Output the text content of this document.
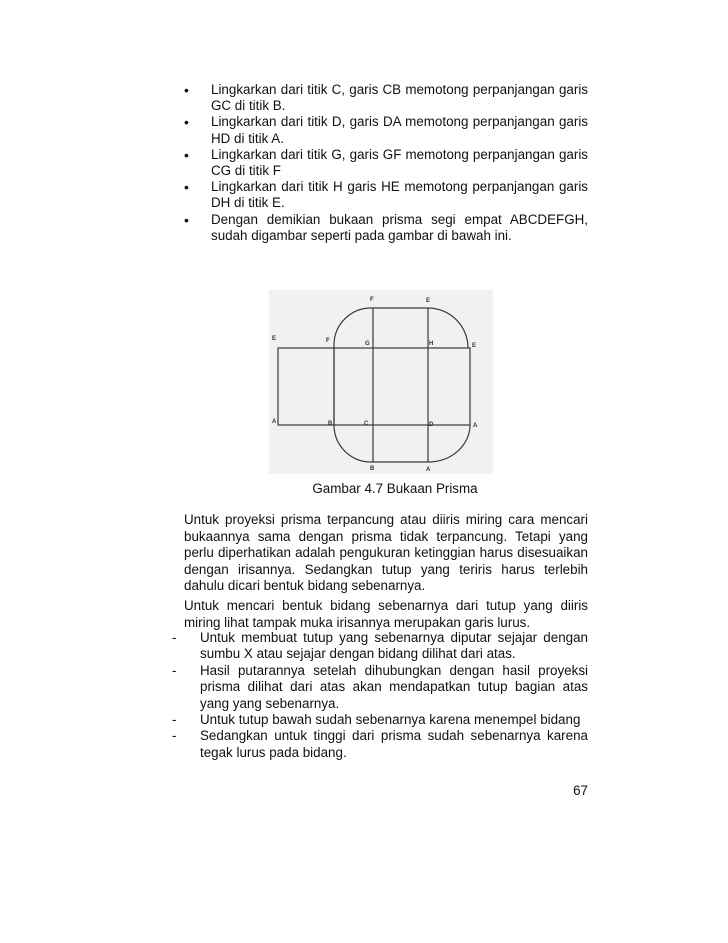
• Lingkarkan dari titik C, garis CB memotong perpanjangan garis GC di titik B.
• Lingkarkan dari titik D, garis DA memotong perpanjangan garis HD di titik A.
• Lingkarkan dari titik G, garis GF memotong perpanjangan garis CG di titik F
• Lingkarkan dari titik H garis HE memotong perpanjangan garis DH di titik E.
• Dengan demikian bukaan prisma segi empat ABCDEFGH, sudah digambar seperti pada gambar di bawah ini.
F	E
E	F	G	H	E
A	B	C	D	A
B	A
Gambar 4.7 Bukaan Prisma

Untuk proyeksi prisma terpancung atau diiris miring cara mencari bukaannya sama dengan prisma tidak terpancung. Tetapi yang perlu diperhatikan adalah pengukuran ketinggian harus disesuaikan dengan irisannya. Sedangkan tutup yang teriris harus terlebih dahulu dicari bentuk bidang sebenarnya.

Untuk mencari bentuk bidang sebenarnya dari tutup yang diiris miring lihat tampak muka irisannya merupakan garis lurus.

- Untuk membuat tutup yang sebenarnya diputar sejajar dengan sumbu X atau sejajar dengan bidang dilihat dari atas.
- Hasil putarannya setelah dihubungkan dengan hasil proyeksi prisma dilihat dari atas akan mendapatkan tutup bagian atas yang yang sebenarnya.
- Untuk tutup bawah sudah sebenarnya karena menempel bidang
- Sedangkan untuk tinggi dari prisma sudah sebenarnya karena tegak lurus pada bidang.
67
